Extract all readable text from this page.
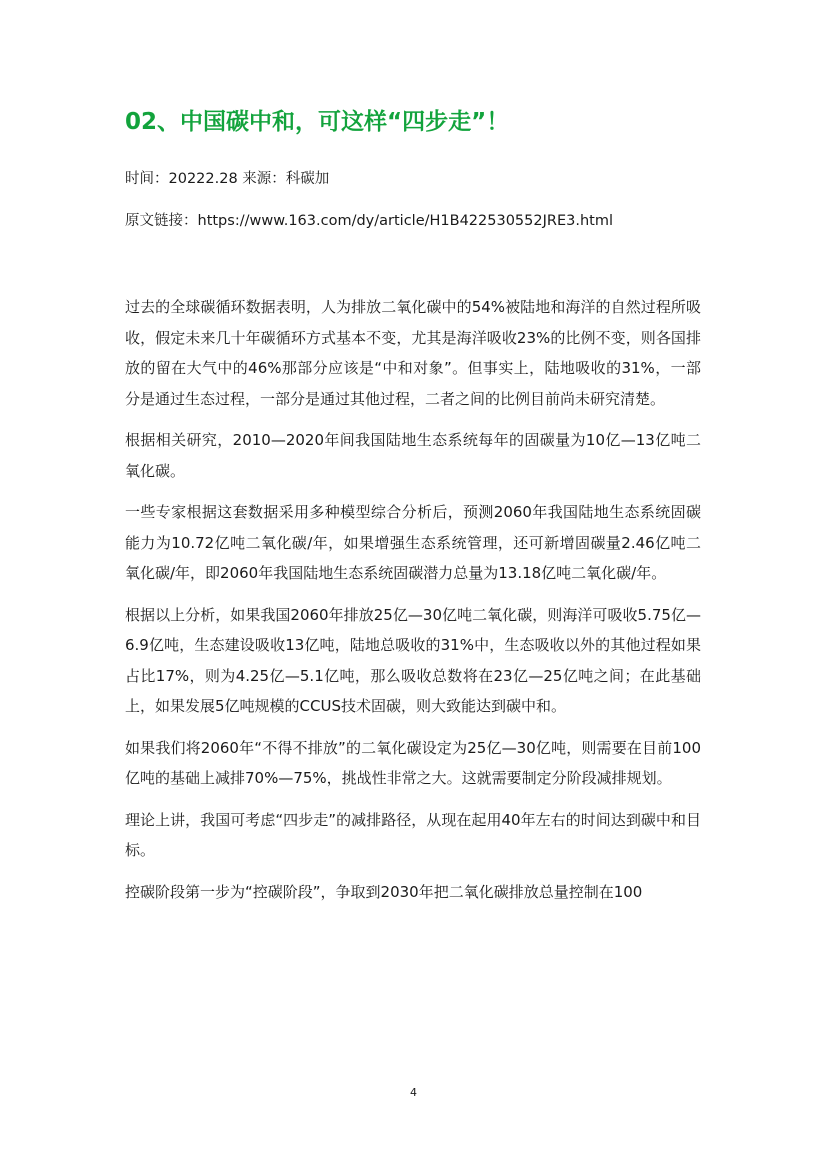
02、中国碳中和，可这样“四步走”！
时间：20222.28 来源：科碳加
原文链接：https://www.163.com/dy/article/H1B422530552JRE3.html

过去的全球碳循环数据表明，人为排放二氧化碳中的54%被陆地和海洋的自然过程所吸收，假定未来几十年碳循环方式基本不变，尤其是海洋吸收23%的比例不变，则各国排放的留在大气中的46%那部分应该是“中和对象”。但事实上，陆地吸收的31%，一部分是通过生态过程，一部分是通过其他过程，二者之间的比例目前尚未研究清楚。

根据相关研究，2010—2020年间我国陆地生态系统每年的固碳量为10亿—13亿吨二氧化碳。

一些专家根据这套数据采用多种模型综合分析后，预测2060年我国陆地生态系统固碳能力为10.72亿吨二氧化碳/年，如果增强生态系统管理，还可新增固碳量2.46亿吨二氧化碳/年，即2060年我国陆地生态系统固碳潜力总量为13.18亿吨二氧化碳/年。

根据以上分析，如果我国2060年排放25亿—30亿吨二氧化碳，则海洋可吸收5.75亿—6.9亿吨，生态建设吸收13亿吨，陆地总吸收的31%中，生态吸收以外的其他过程如果占比17%，则为4.25亿—5.1亿吨，那么吸收总数将在23亿—25亿吨之间；在此基础上，如果发展5亿吨规模的CCUS技术固碳，则大致能达到碳中和。

如果我们将2060年“不得不排放”的二氧化碳设定为25亿—30亿吨，则需要在目前100亿吨的基础上减排70%—75%，挑战性非常之大。这就需要制定分阶段减排规划。

理论上讲，我国可考虑“四步走”的减排路径，从现在起用40年左右的时间达到碳中和目标。

控碳阶段第一步为“控碳阶段”，争取到2030年把二氧化碳排放总量控制在100

4
